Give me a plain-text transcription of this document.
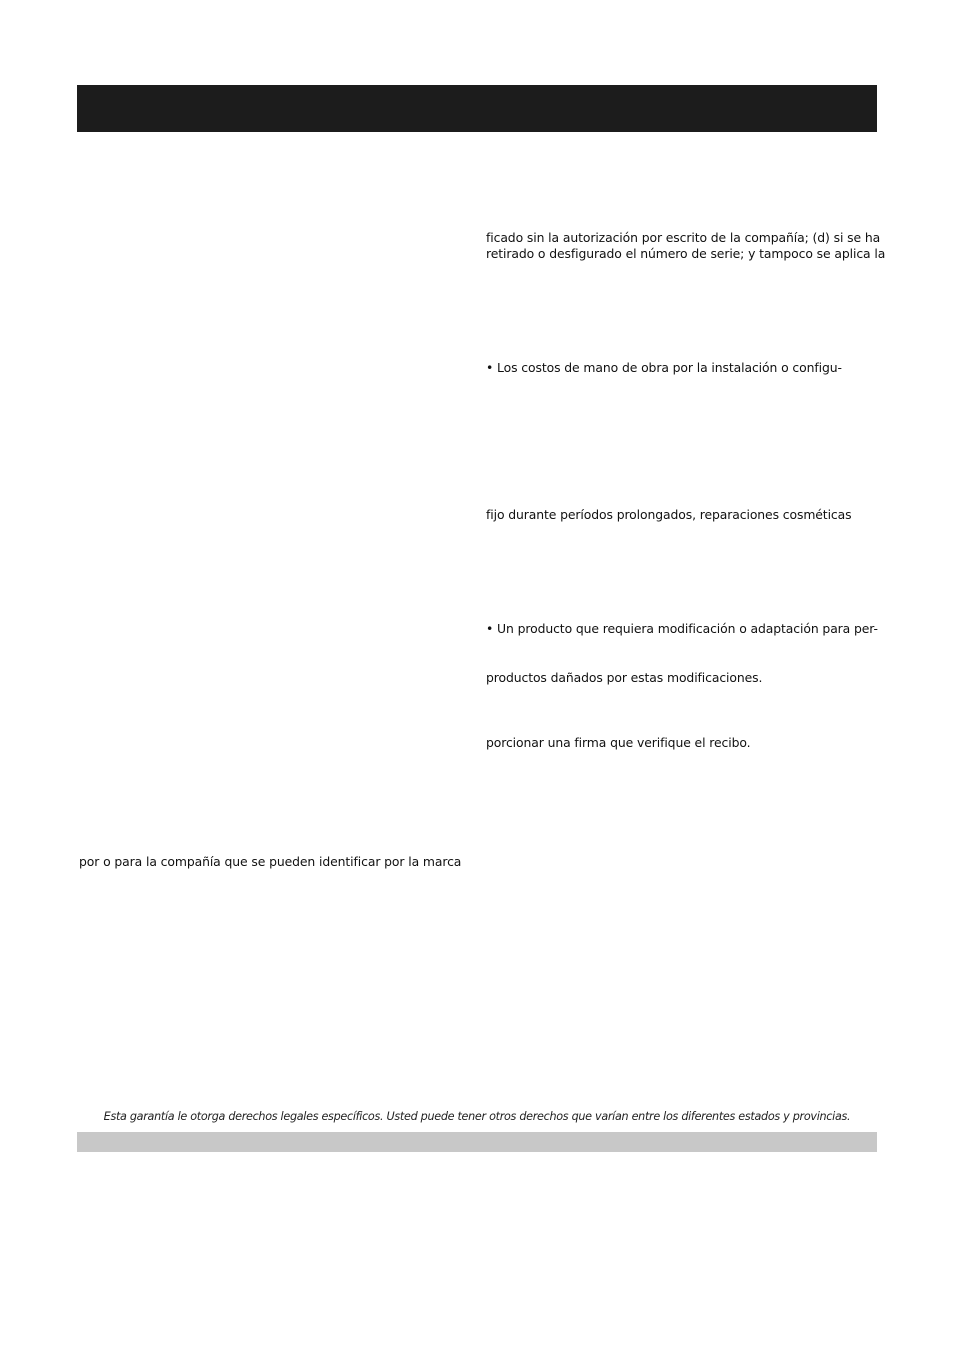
ficado sin la autorización por escrito de la compañía; (d) si se ha
retirado o desfigurado el número de serie; y tampoco se aplica la
• Los costos de mano de obra por la instalación o configu-
fijo durante períodos prolongados, reparaciones cosméticas
• Un producto que requiera modificación o adaptación para per-
productos dañados por estas modificaciones.
porcionar una firma que verifique el recibo.
por o para la compañía que se pueden identificar por la marca
Esta garantía le otorga derechos legales específicos. Usted puede tener otros derechos que varían entre los diferentes estados y provincias.
